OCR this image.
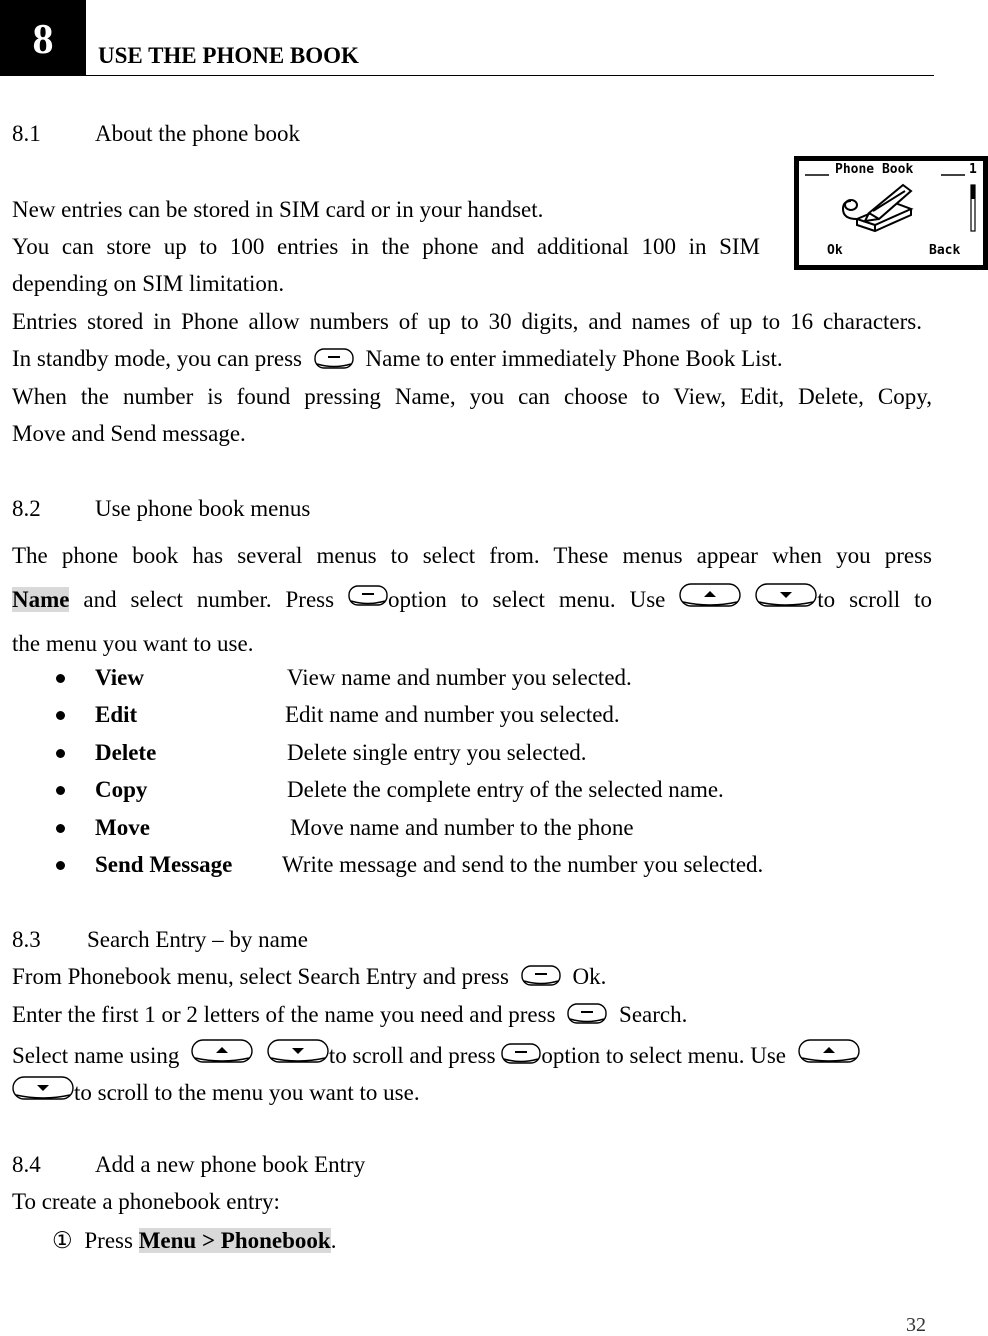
8	USE THE PHONE BOOK
8.1 About the phone book
New entries can be stored in SIM card or in your handset.
You can store up to 100 entries in the phone and additional 100 in SIM
depending on SIM limitation.
Entries stored in Phone allow numbers of up to 30 digits, and names of up to 16 characters.
In standby mode, you can press	Name to enter immediately Phone Book List.
When the number is found pressing Name, you can choose to View, Edit, Delete, Copy,
Move and Send message.
Phone Book	1
Ok	Back
8.2 Use phone book menus
The phone book has several menus to select from. These menus appear when you press
Name and select number. Press option to select menu. Use
	to scroll to
the menu you want to use.
View	View name and number you selected.
Edit	Edit name and number you selected.
Delete	Delete single entry you selected.
Copy	Delete the complete entry of the selected name.
Move	Move name and number to the phone
Send Message Write message and send to the number you selected.
8.3 Search Entry – by name
From Phonebook menu, select Search Entry and press	Ok.
Enter the first 1 or 2 letters of the name you need and press	Search.
Select name using
	to scroll and press option to select menu. Use
to scroll to the menu you want to use.
8.4 Add a new phone book Entry
To create a phonebook entry:
① Press Menu > Phonebook.
32
